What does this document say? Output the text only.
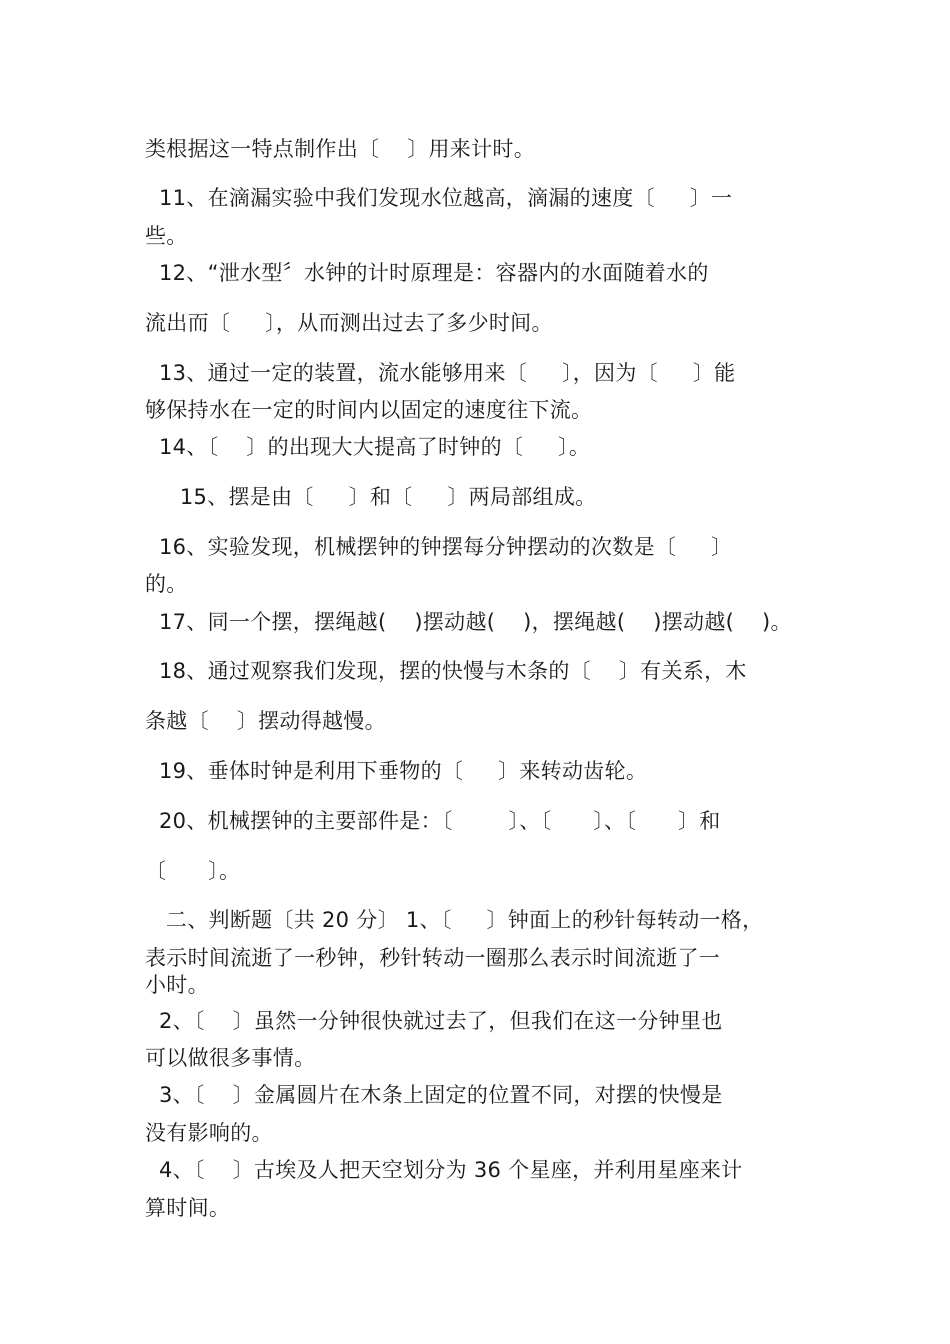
类根据这一特点制作出〔    〕用来计时。
11、在滴漏实验中我们发现水位越高，滴漏的速度〔     〕一
些。
12、“泄水型〞水钟的计时原理是：容器内的水面随着水的
流出而〔     〕，从而测出过去了多少时间。
13、通过一定的装置，流水能够用来〔     〕，因为〔     〕能
够保持水在一定的时间内以固定的速度往下流。
14、〔    〕的出现大大提高了时钟的〔     〕。
15、摆是由〔     〕和〔     〕两局部组成。
16、实验发现，机械摆钟的钟摆每分钟摆动的次数是〔     〕
的。
17、同一个摆，摆绳越(    )摆动越(    )，摆绳越(    )摆动越(    )。
18、通过观察我们发现，摆的快慢与木条的〔    〕有关系，木
条越〔    〕摆动得越慢。
19、垂体时钟是利用下垂物的〔     〕来转动齿轮。
20、机械摆钟的主要部件是：〔        〕、〔      〕、〔      〕和
〔      〕。
二、判断题〔共 20 分〕 1、〔     〕钟面上的秒针每转动一格，
表示时间流逝了一秒钟，秒针转动一圈那么表示时间流逝了一
小时。
2、〔    〕虽然一分钟很快就过去了，但我们在这一分钟里也
可以做很多事情。
3、〔    〕金属圆片在木条上固定的位置不同，对摆的快慢是
没有影响的。
4、〔    〕古埃及人把天空划分为 36 个星座，并利用星座来计
算时间。
